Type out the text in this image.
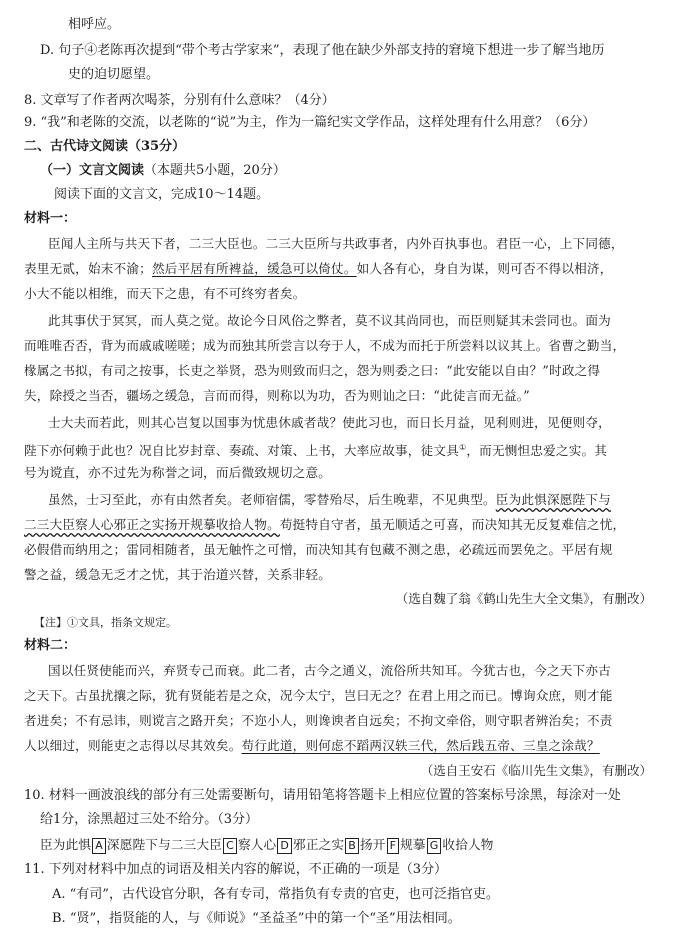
相呼应。
D. 句子④老陈再次提到“带个考古学家来”，表现了他在缺少外部支持的窘境下想进一步了解当地历
史的迫切愿望。
8. 文章写了作者两次喝茶，分别有什么意味？（4分）
9. “我”和老陈的交流，以老陈的“说”为主，作为一篇纪实文学作品，这样处理有什么用意？（6分）
二、古代诗文阅读（35分）
（一）文言文阅读（本题共5小题，20分）
阅读下面的文言文，完成10～14题。
材料一：
臣闻人主所与共天下者，二三大臣也。二三大臣所与共政事者，内外百执事也。君臣一心，上下同德，
表里无贰，始末不渝；然后平居有所裨益，缓急可以倚仗。如人各有心，身自为谋，则可否不得以相济，
小大不能以相维，而天下之患，有不可终穷者矣。
此其事伏于冥冥，而人莫之觉。故论今日风俗之弊者，莫不议其尚同也，而臣则疑其未尝同也。面为
而唯唯否否，背为而戚戚嗟嗟；成为而独其所尝言以夸于人，不成为而托于所尝料以议其上。省曹之勤当，
椽属之书拟，有司之按事，长吏之举贤，恐为则致而归之，怨为则委之曰：“此安能以自由？”时政之得
失，除授之当否，疆场之缓急，言而而得，则称以为功，否为则讪之曰：“此徒言而无益。”
士大夫而若此，则其心岂复以国事为忧患休戚者哉？使此习也，而日长月益，见利则进，见便则夺，
陛下亦何赖于此也？况自比岁封章、奏疏、对策、上书，大率应故事，徒文具①，而无恻怛忠爱之实。其
号为谠直，亦不过先为称誉之词，而后微致规切之意。
虽然，士习至此，亦有由然者矣。老师宿儒，零替殆尽，后生晚辈，不见典型。臣为此惧深愿陛下与
二三大臣察人心邪正之实扬开规摹收拾人物。苟挺特自守者，虽无顺适之可喜，而决知其无反复难信之忧，
必假借而纳用之；雷同相随者，虽无触忤之可憎，而决知其有包藏不测之患，必疏远而罢免之。平居有规
警之益，缓急无乏才之忧，其于治道兴替，关系非轻。
（选自魏了翁《鹤山先生大全文集》，有删改）
【注】①文具，指条文规定。
材料二：
国以任贤使能而兴，弃贤专己而衰。此二者，古今之通义，流俗所共知耳。今犹古也，今之天下亦古
之天下。古虽扰攘之际，犹有贤能若是之众，况今太宁，岂曰无之？在君上用之而已。博询众庶，则才能
者进矣；不有忌讳，则谠言之路开矣；不迩小人，则谗谀者自远矣；不拘文牵俗，则守职者辨治矣；不责
人以细过，则能吏之志得以尽其效矣。苟行此道，则何虑不蹈两汉轶三代，然后践五帝、三皇之涂哉？
（选自王安石《临川先生文集》，有删改）
10. 材料一画波浪线的部分有三处需要断句，请用铅笔将答题卡上相应位置的答案标号涂黑，每涂对一处
给1分，涂黑超过三处不给分。（3分）
臣为此惧 A 深愿陛下与二三大臣 C 察人心 D 邪正之实 B 扬开 F 规摹 G 收拾人物
11. 下列对材料中加点的词语及相关内容的解说，不正确的一项是（3分）
A. “有司”，古代设官分职，各有专司，常指负有专责的官吏，也可泛指官吏。
B. “贤”，指贤能的人，与《师说》“圣益圣”中的第一个“圣”用法相同。
